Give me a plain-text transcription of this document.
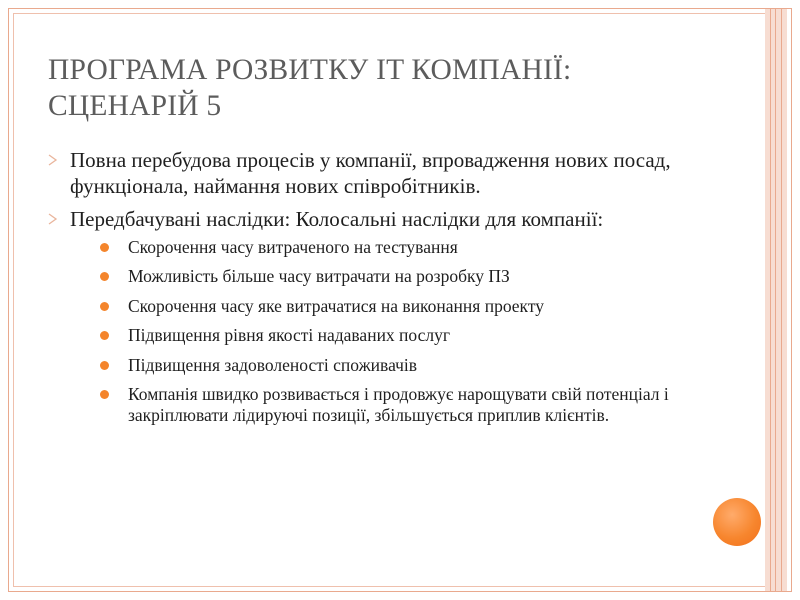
ПРОГРАМА РОЗВИТКУ IT КОМПАНІЇ:
СЦЕНАРІЙ 5
Повна перебудова процесів у компанії, впровадження нових посад, функціонала, наймання нових співробітників.
Передбачувані наслідки: Колосальні наслідки для компанії:
Скорочення часу витраченого на тестування
Можливість більше часу витрачати на розробку ПЗ
Скорочення часу яке витрачатися на виконання проекту
Підвищення рівня якості надаваних послуг
Підвищення задоволеності споживачів
Компанія швидко розвивається і продовжує нарощувати свій потенціал і закріплювати лідируючі позиції, збільшується приплив клієнтів.
